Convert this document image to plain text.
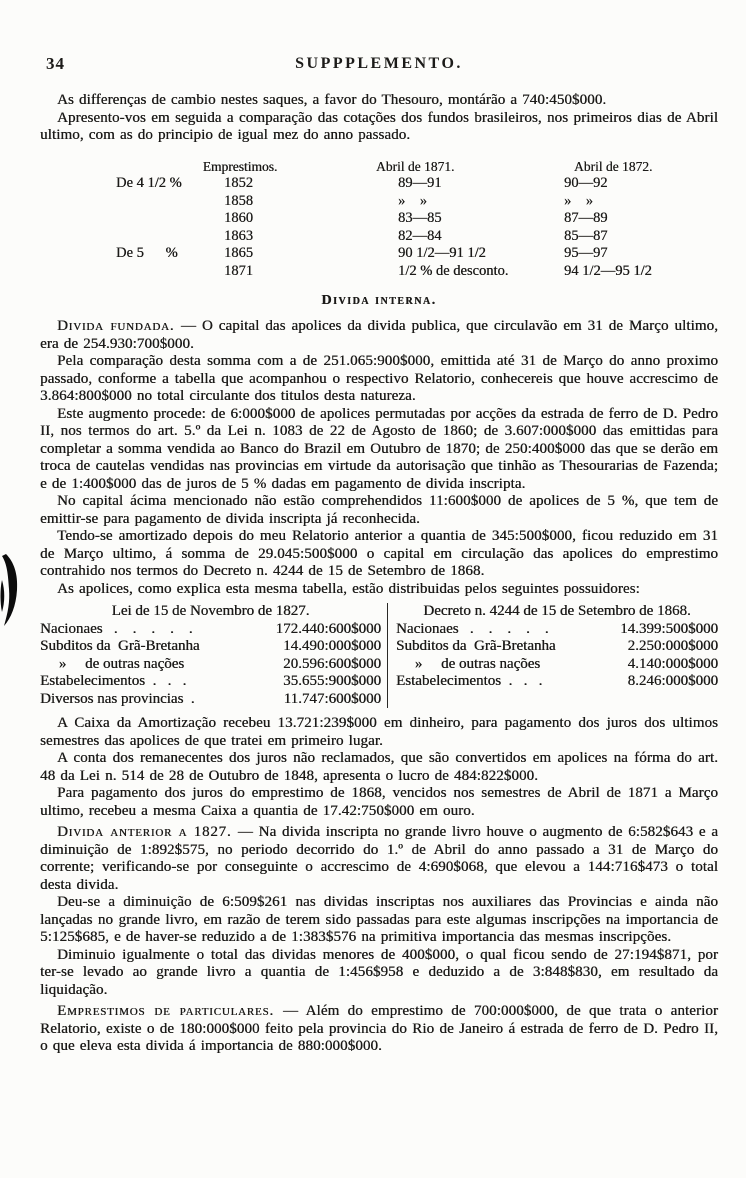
34	SUPPPLEMENTO.

As differenças de cambio nestes saques, a favor do Thesouro, montárão a 740:450$000.

Apresento-vos em seguida a comparação das cotações dos fundos brasileiros, nos primeiros dias de Abril ultimo, com as do principio de igual mez do anno passado.

Emprestimos.	Abril de 1871.	Abril de 1872.
De 4 1/2 %	1852	89—91	90—92
1858	»    »	»    »
1860	83—85	87—89
1863	82—84	85—87
De 5      %	1865	90 1/2—91 1/2	95—97
1871	1/2 % de desconto.	94 1/2—95 1/2
Divida interna.

Divida fundada. — O capital das apolices da divida publica, que circulavão em 31 de Março ultimo, era de 254.930:700$000.

Pela comparação desta somma com a de 251.065:900$000, emittida até 31 de Março do anno proximo passado, conforme a tabella que acompanhou o respectivo Relatorio, conhecereis que houve accrescimo de 3.864:800$000 no total circulante dos titulos desta natureza.

Este augmento procede: de 6:000$000 de apolices permutadas por acções da estrada de ferro de D. Pedro II, nos termos do art. 5.º da Lei n. 1083 de 22 de Agosto de 1860; de 3.607:000$000 das emittidas para completar a somma vendida ao Banco do Brazil em Outubro de 1870; de 250:400$000 das que se derão em troca de cautelas vendidas nas provincias em virtude da autorisação que tinhão as Thesourarias de Fazenda; e de 1:400$000 das de juros de 5 % dadas em pagamento de divida inscripta.

No capital ácima mencionado não estão comprehendidos 11:600$000 de apolices de 5 %, que tem de emittir-se para pagamento de divida inscripta já reconhecida.

Tendo-se amortizado depois do meu Relatorio anterior a quantia de 345:500$000, ficou reduzido em 31 de Março ultimo, á somma de 29.045:500$000 o capital em circulação das apolices do emprestimo contrahido nos termos do Decreto n. 4244 de 15 de Setembro de 1868.

As apolices, como explica esta mesma tabella, estão distribuidas pelos seguintes possuidores:

Lei de 15 de Novembro de 1827.
Nacionaes   .    .    .    .    .	172.440:600$000
Subditos da  Grã-Bretanha	14.490:000$000
»     de outras nações	20.596:600$000
Estabelecimentos  .   .   .	35.655:900$000
Diversos nas provincias  .	11.747:600$000
Decreto n. 4244 de 15 de Setembro de 1868.
Nacionaes   .    .    .    .    .	14.399:500$000
Subditos da  Grã-Bretanha	2.250:000$000
»     de outras nações	4.140:000$000
Estabelecimentos  .   .   .	8.246:000$000

A Caixa da Amortização recebeu 13.721:239$000 em dinheiro, para pagamento dos juros dos ultimos semestres das apolices de que tratei em primeiro lugar.

A conta dos remanecentes dos juros não reclamados, que são convertidos em apolices na fórma do art. 48 da Lei n. 514 de 28 de Outubro de 1848, apresenta o lucro de 484:822$000.

Para pagamento dos juros do emprestimo de 1868, vencidos nos semestres de Abril de 1871 a Março ultimo, recebeu a mesma Caixa a quantia de 17.42:750$000 em ouro.

Divida anterior a 1827. — Na divida inscripta no grande livro houve o augmento de 6:582$643 e a diminuição de 1:892$575, no periodo decorrido do 1.º de Abril do anno passado a 31 de Março do corrente; verificando-se por conseguinte o accrescimo de 4:690$068, que elevou a 144:716$473 o total desta divida.

Deu-se a diminuição de 6:509$261 nas dividas inscriptas nos auxiliares das Provincias e ainda não lançadas no grande livro, em razão de terem sido passadas para este algumas inscripções na importancia de 5:125$685, e de haver-se reduzido a de 1:383$576 na primitiva importancia das mesmas inscripções.

Diminuio igualmente o total das dividas menores de 400$000, o qual ficou sendo de 27:194$871, por ter-se levado ao grande livro a quantia de 1:456$958 e deduzido a de 3:848$830, em resultado da liquidação.

Emprestimos de particulares. — Além do emprestimo de 700:000$000, de que trata o anterior Relatorio, existe o de 180:000$000 feito pela provincia do Rio de Janeiro á estrada de ferro de D. Pedro II, o que eleva esta divida á importancia de 880:000$000.
